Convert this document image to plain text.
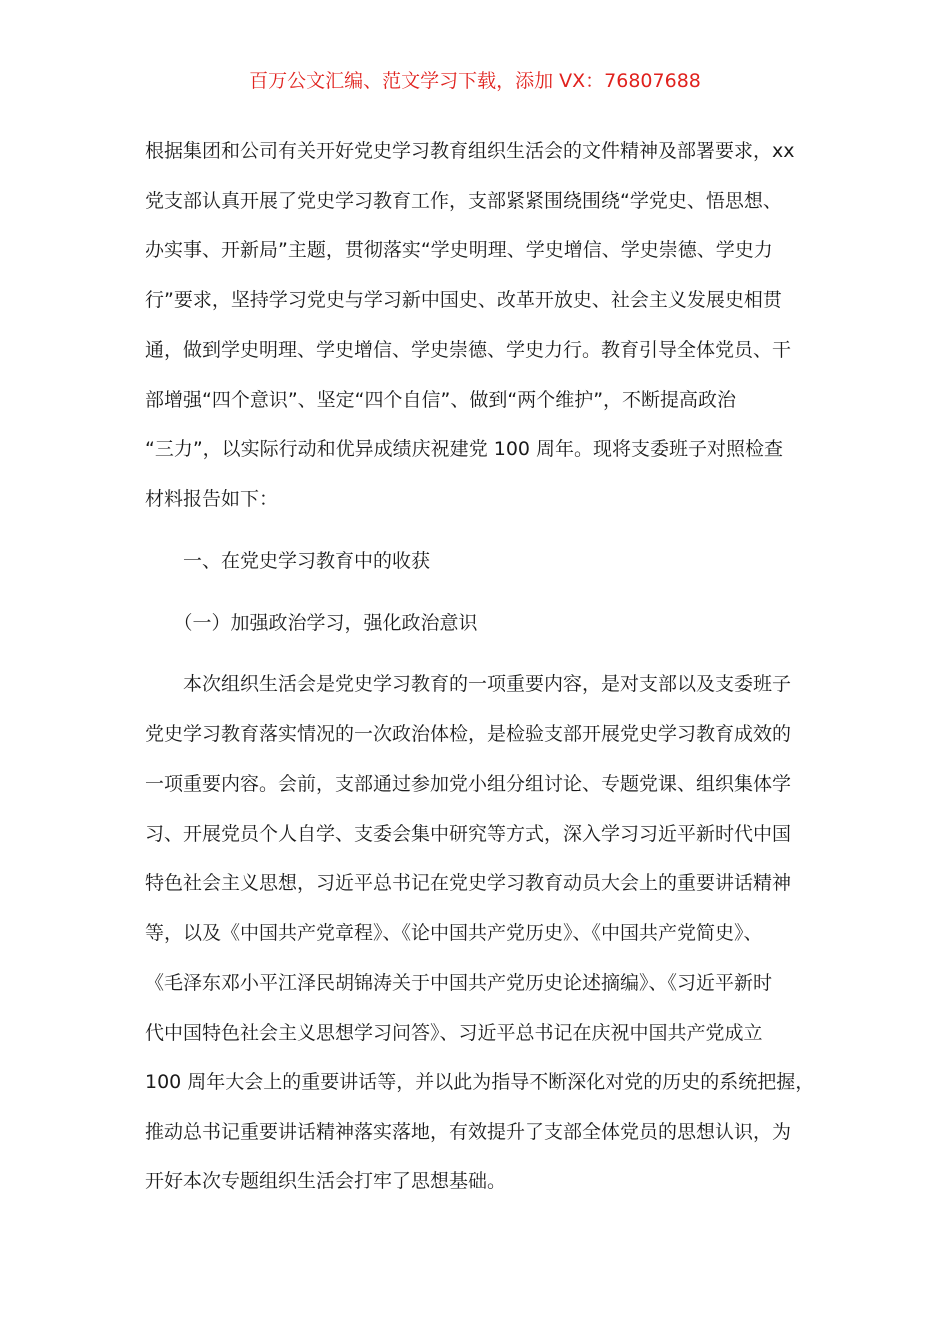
百万公文汇编、范文学习下载，添加 VX：76807688
根据集团和公司有关开好党史学习教育组织生活会的文件精神及部署要求，xx
党支部认真开展了党史学习教育工作，支部紧紧围绕围绕“学党史、悟思想、
办实事、开新局”主题，贯彻落实“学史明理、学史增信、学史崇德、学史力
行”要求，坚持学习党史与学习新中国史、改革开放史、社会主义发展史相贯
通，做到学史明理、学史增信、学史崇德、学史力行。教育引导全体党员、干
部增强“四个意识”、坚定“四个自信”、做到“两个维护”，不断提高政治
“三力”，以实际行动和优异成绩庆祝建党 100 周年。现将支委班子对照检查
材料报告如下：
　　一、在党史学习教育中的收获
　　（一）加强政治学习，强化政治意识
　　本次组织生活会是党史学习教育的一项重要内容，是对支部以及支委班子
党史学习教育落实情况的一次政治体检，是检验支部开展党史学习教育成效的
一项重要内容。会前，支部通过参加党小组分组讨论、专题党课、组织集体学
习、开展党员个人自学、支委会集中研究等方式，深入学习习近平新时代中国
特色社会主义思想，习近平总书记在党史学习教育动员大会上的重要讲话精神
等，以及《中国共产党章程》、《论中国共产党历史》、《中国共产党简史》、
《毛泽东邓小平江泽民胡锦涛关于中国共产党历史论述摘编》、《习近平新时
代中国特色社会主义思想学习问答》、习近平总书记在庆祝中国共产党成立
100 周年大会上的重要讲话等，并以此为指导不断深化对党的历史的系统把握，
推动总书记重要讲话精神落实落地，有效提升了支部全体党员的思想认识，为
开好本次专题组织生活会打牢了思想基础。
